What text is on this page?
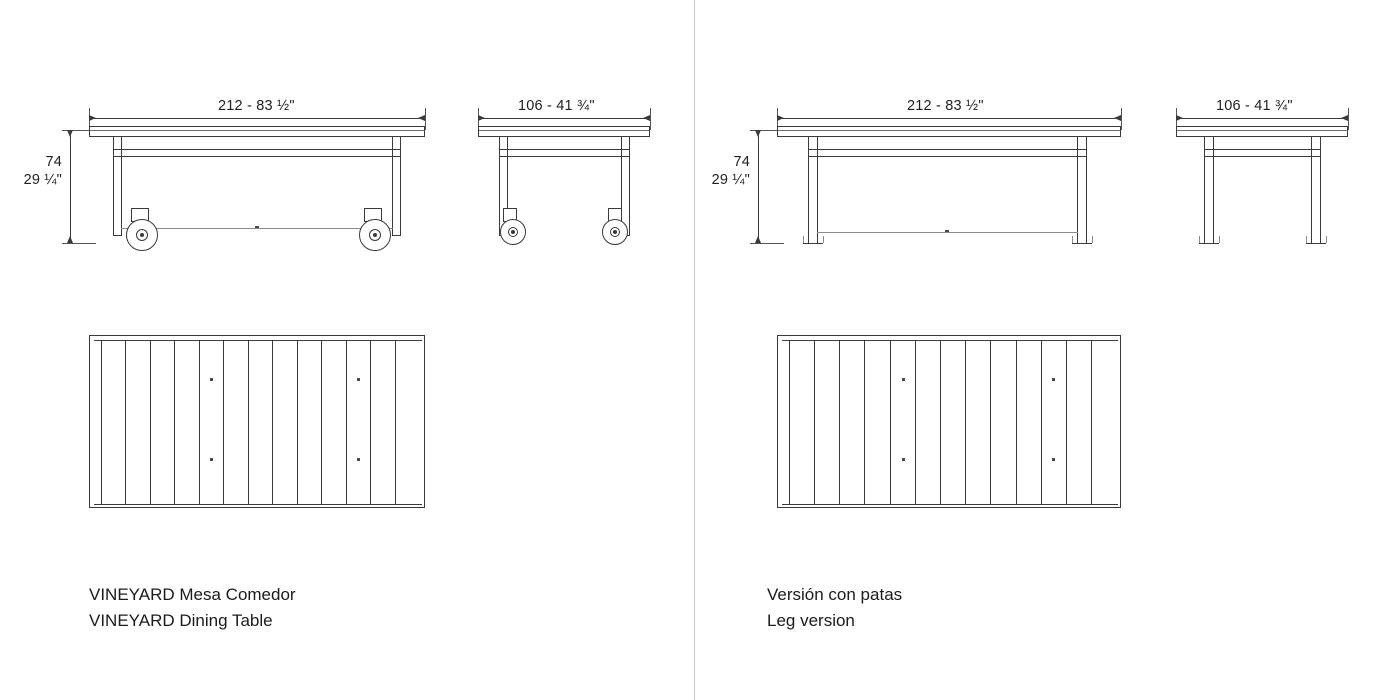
212 - 83 ½"
74
29 ¼"
106 - 41 ¾"
VINEYARD Mesa Comedor
VINEYARD Dining Table
212 - 83 ½"
74
29 ¼"
106 - 41 ¾"
Versión con patas
Leg version
